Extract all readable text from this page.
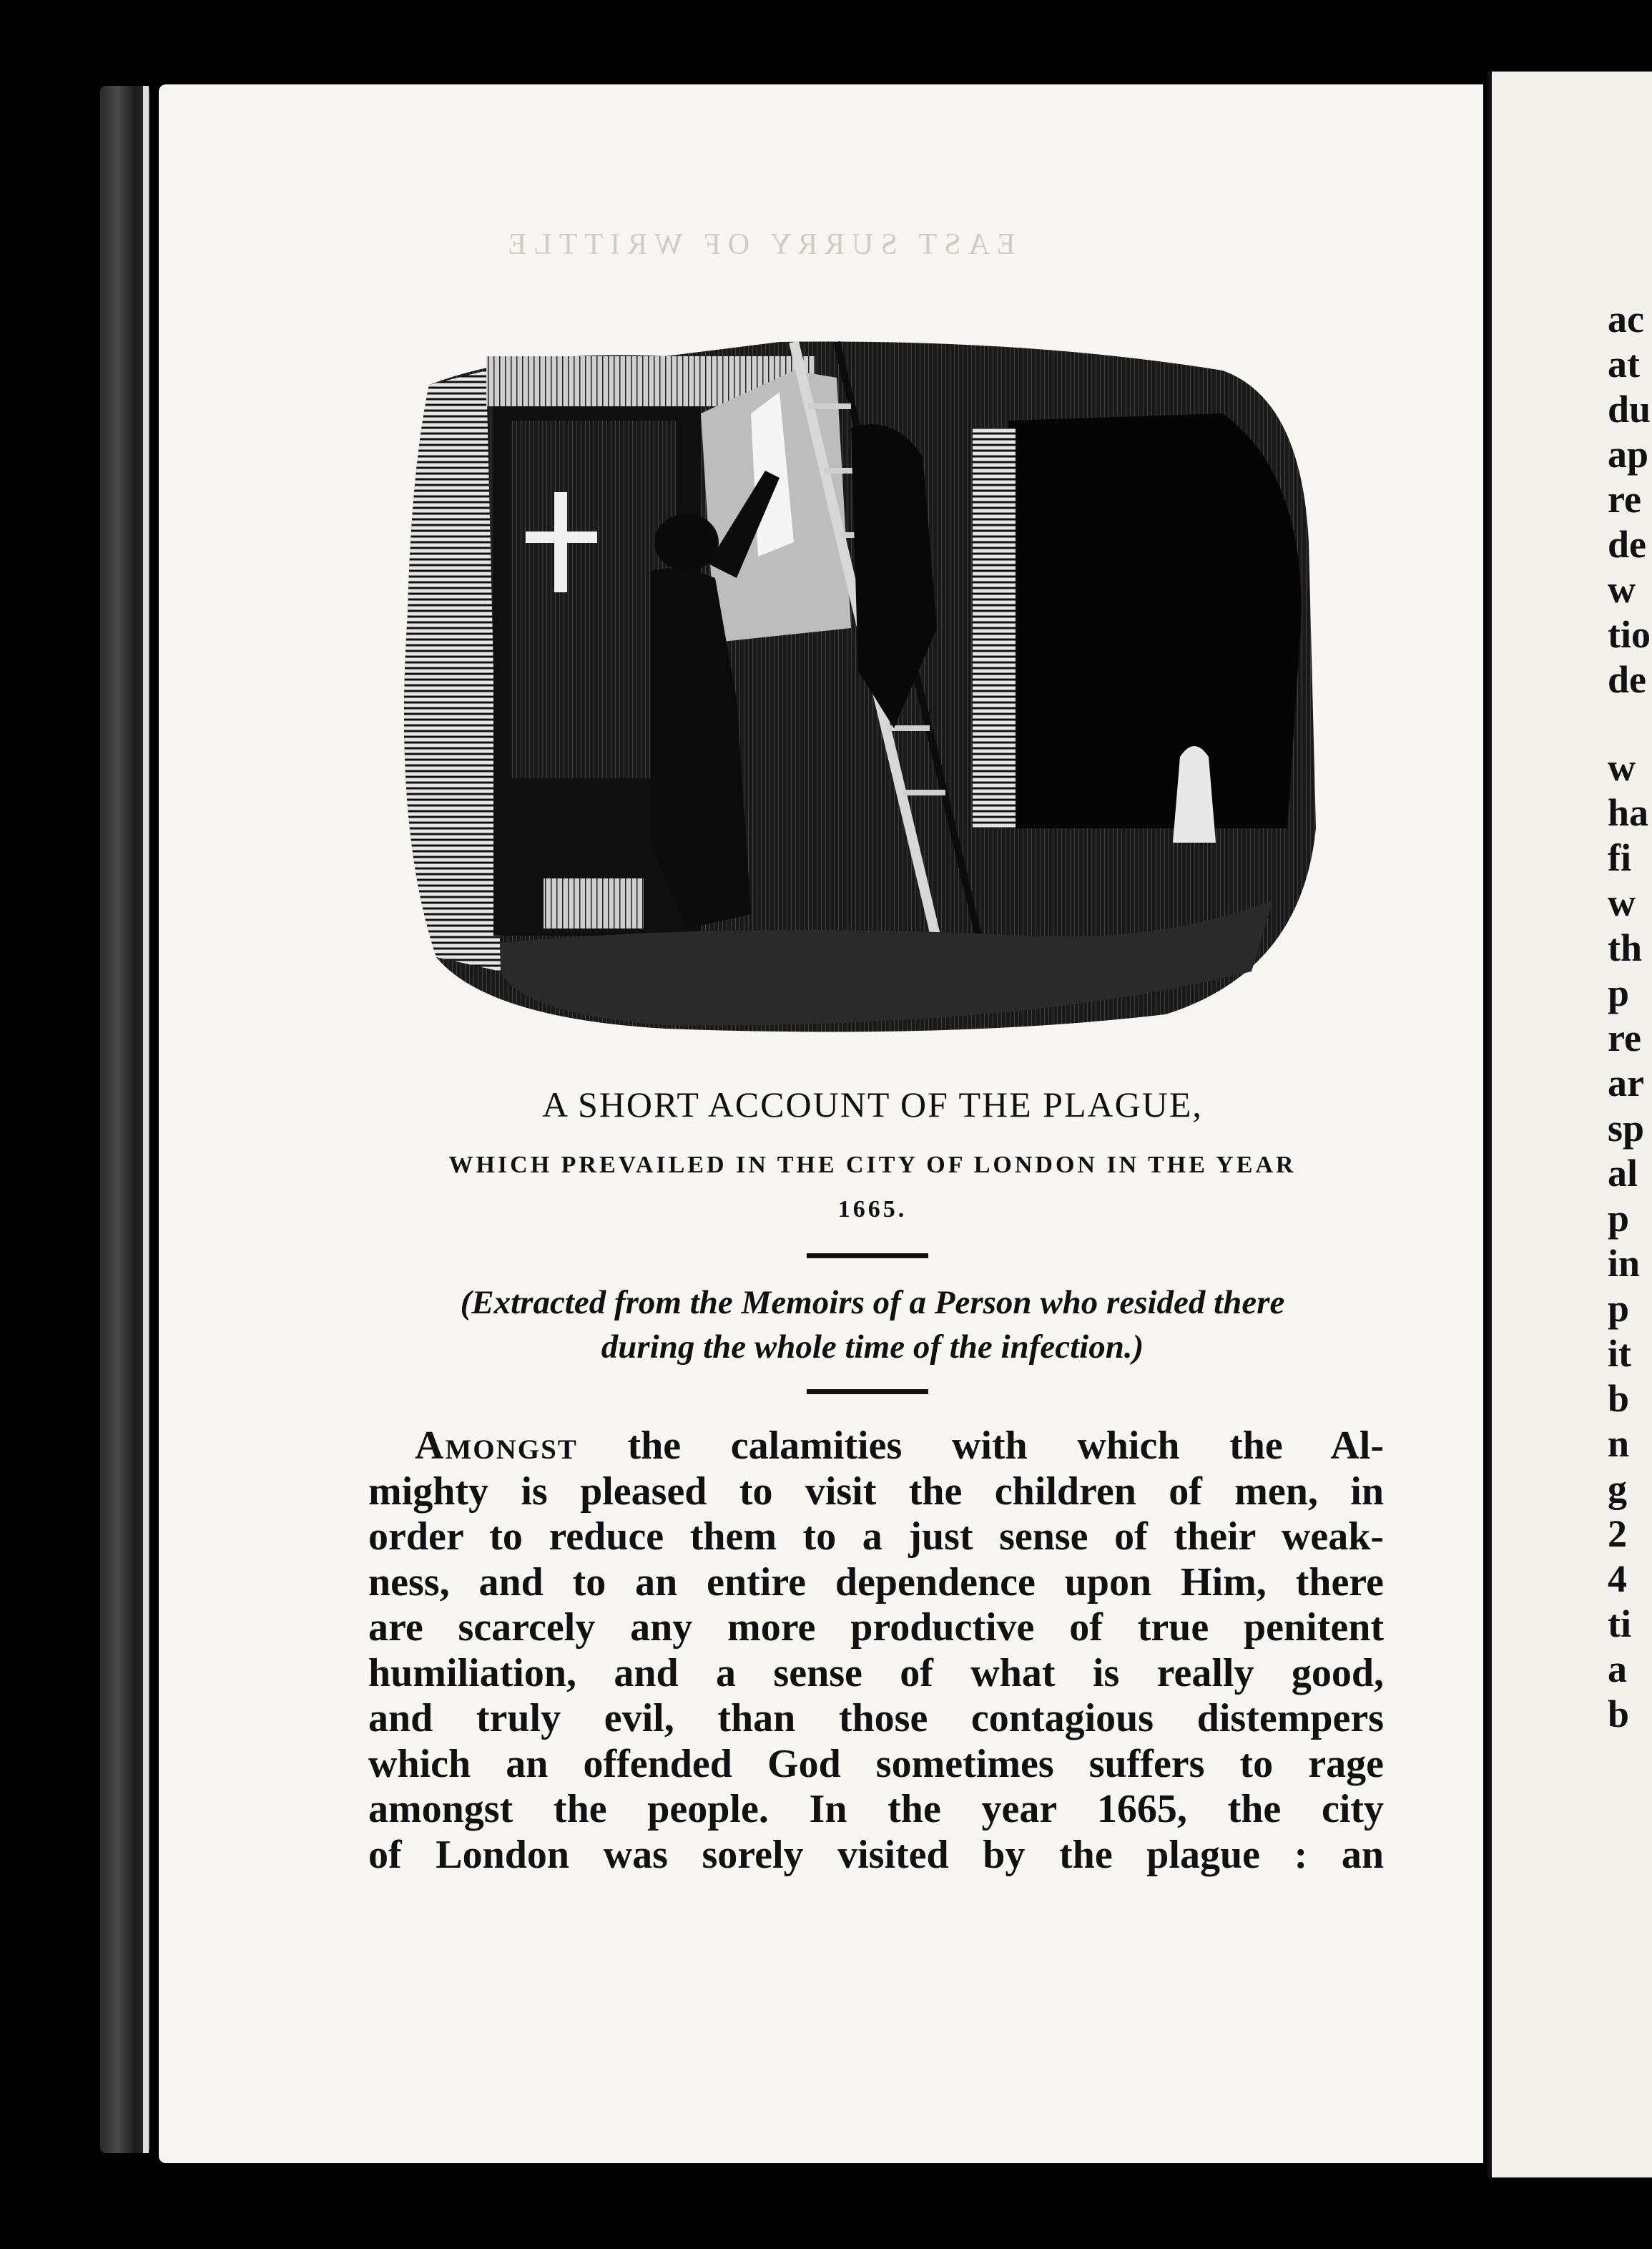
EAST SURRY OF WRITTLE
A SHORT ACCOUNT OF THE PLAGUE,
WHICH PREVAILED IN THE CITY OF LONDON IN THE YEAR
1665.
(Extracted from the Memoirs of a Person who resided there
during the whole time of the infection.)
Amongst the calamities with which the Al-
mighty is pleased to visit the children of men, in
order to reduce them to a just sense of their weak-
ness, and to an entire dependence upon Him, there
are scarcely any more productive of true penitent
humiliation, and a sense of what is really good,
and truly evil, than those contagious distempers
which an offended God sometimes suffers to rage
amongst the people. In the year 1665, the city
of London was sorely visited by the plague : an
ac
at
du
ap
re
de
w
tio
de
w
ha
fi
w
th
p
re
ar
sp
al
p
in
p
it
b
n
g
2
4
ti
a
b
